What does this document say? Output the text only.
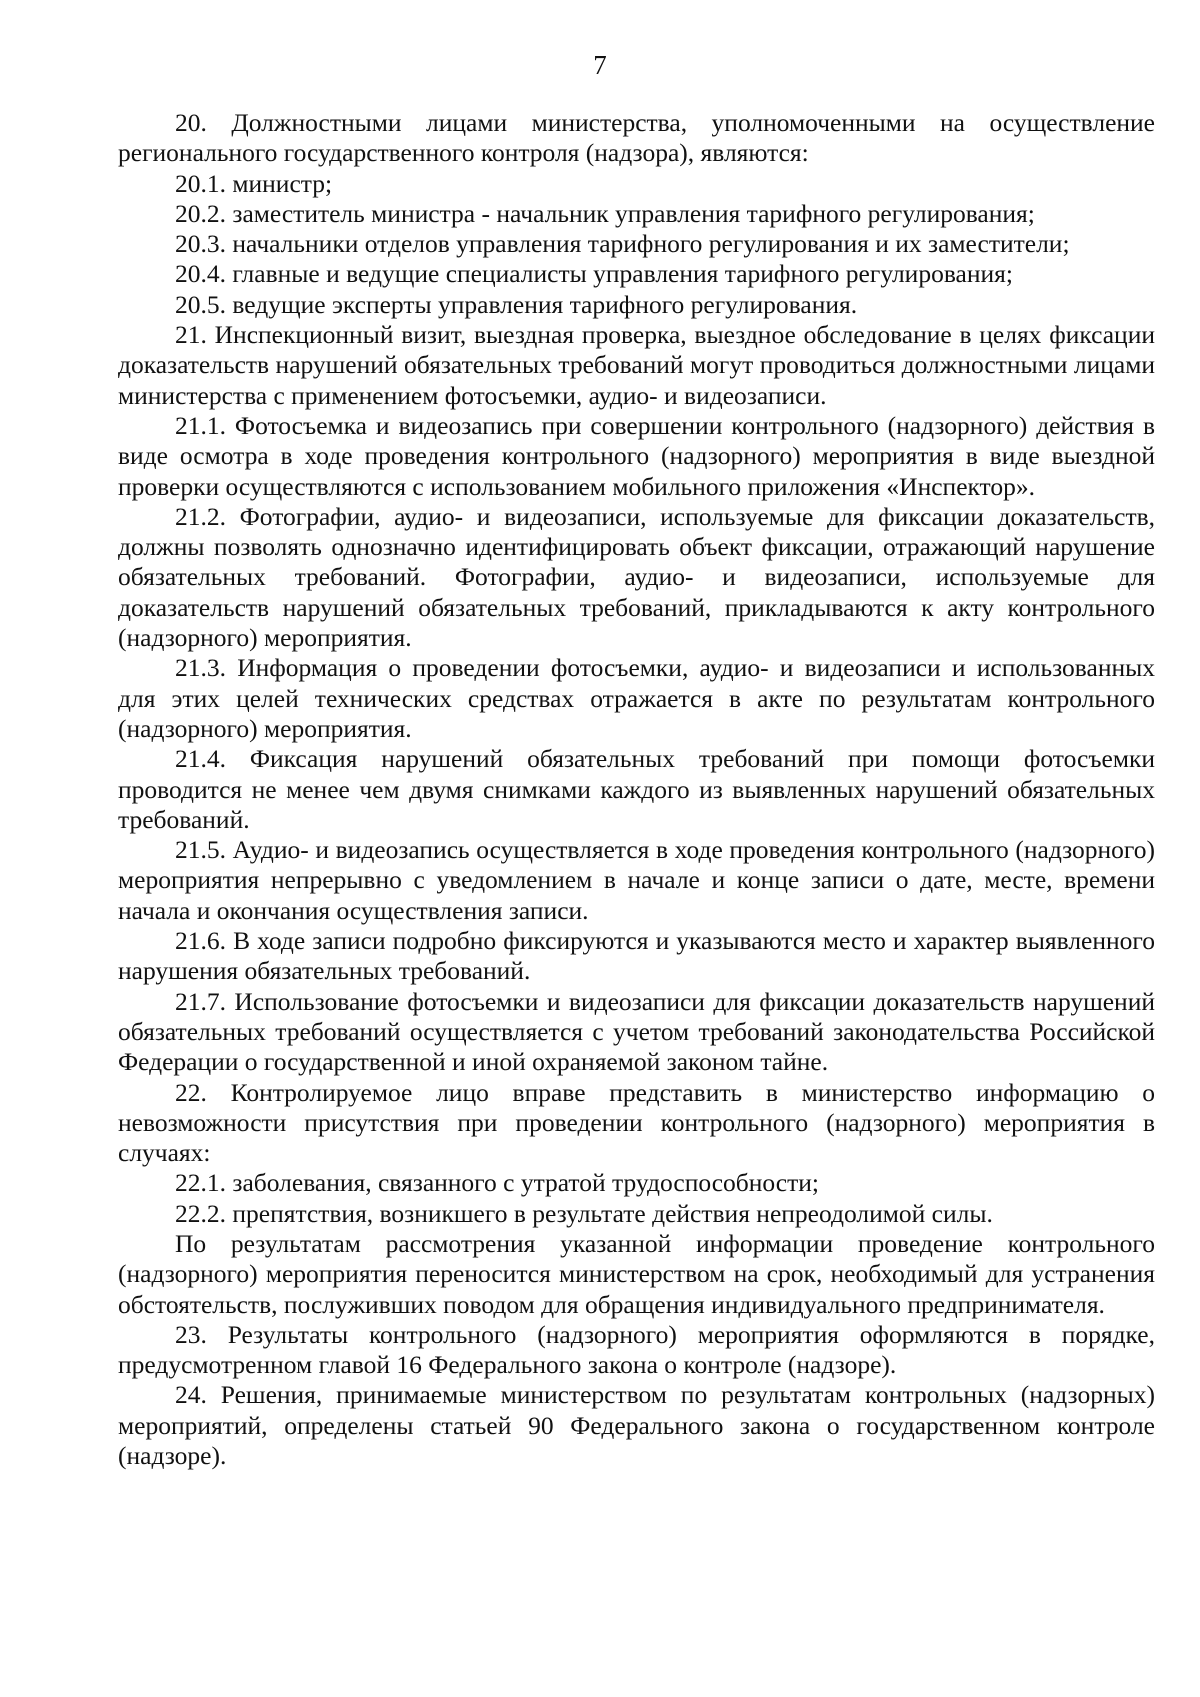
7

20. Должностными лицами министерства, уполномоченными на осуществление регионального государственного контроля (надзора), являются:

20.1. министр;

20.2. заместитель министра - начальник управления тарифного регулирования;

20.3. начальники отделов управления тарифного регулирования и их заместители;

20.4. главные и ведущие специалисты управления тарифного регулирования;

20.5. ведущие эксперты управления тарифного регулирования.

21. Инспекционный визит, выездная проверка, выездное обследование в целях фиксации доказательств нарушений обязательных требований могут проводиться должностными лицами министерства с применением фотосъемки, аудио- и видеозаписи.

21.1. Фотосъемка и видеозапись при совершении контрольного (надзорного) действия в виде осмотра в ходе проведения контрольного (надзорного) мероприятия в виде выездной проверки осуществляются с использованием мобильного приложения «Инспектор».

21.2. Фотографии, аудио- и видеозаписи, используемые для фиксации доказательств, должны позволять однозначно идентифицировать объект фиксации, отражающий нарушение обязательных требований. Фотографии, аудио- и видеозаписи, используемые для доказательств нарушений обязательных требований, прикладываются к акту контрольного (надзорного) мероприятия.

21.3. Информация о проведении фотосъемки, аудио- и видеозаписи и использованных для этих целей технических средствах отражается в акте по результатам контрольного (надзорного) мероприятия.

21.4. Фиксация нарушений обязательных требований при помощи фотосъемки проводится не менее чем двумя снимками каждого из выявленных нарушений обязательных требований.

21.5. Аудио- и видеозапись осуществляется в ходе проведения контрольного (надзорного) мероприятия непрерывно с уведомлением в начале и конце записи о дате, месте, времени начала и окончания осуществления записи.

21.6. В ходе записи подробно фиксируются и указываются место и характер выявленного нарушения обязательных требований.

21.7. Использование фотосъемки и видеозаписи для фиксации доказательств нарушений обязательных требований осуществляется с учетом требований законодательства Российской Федерации о государственной и иной охраняемой законом тайне.

22. Контролируемое лицо вправе представить в министерство информацию о невозможности присутствия при проведении контрольного (надзорного) мероприятия в случаях:

22.1. заболевания, связанного с утратой трудоспособности;

22.2. препятствия, возникшего в результате действия непреодолимой силы.

По результатам рассмотрения указанной информации проведение контрольного (надзорного) мероприятия переносится министерством на срок, необходимый для устранения обстоятельств, послуживших поводом для обращения индивидуального предпринимателя.

23. Результаты контрольного (надзорного) мероприятия оформляются в порядке, предусмотренном главой 16 Федерального закона о контроле (надзоре).

24. Решения, принимаемые министерством по результатам контрольных (надзорных) мероприятий, определены статьей 90 Федерального закона о государственном контроле (надзоре).
